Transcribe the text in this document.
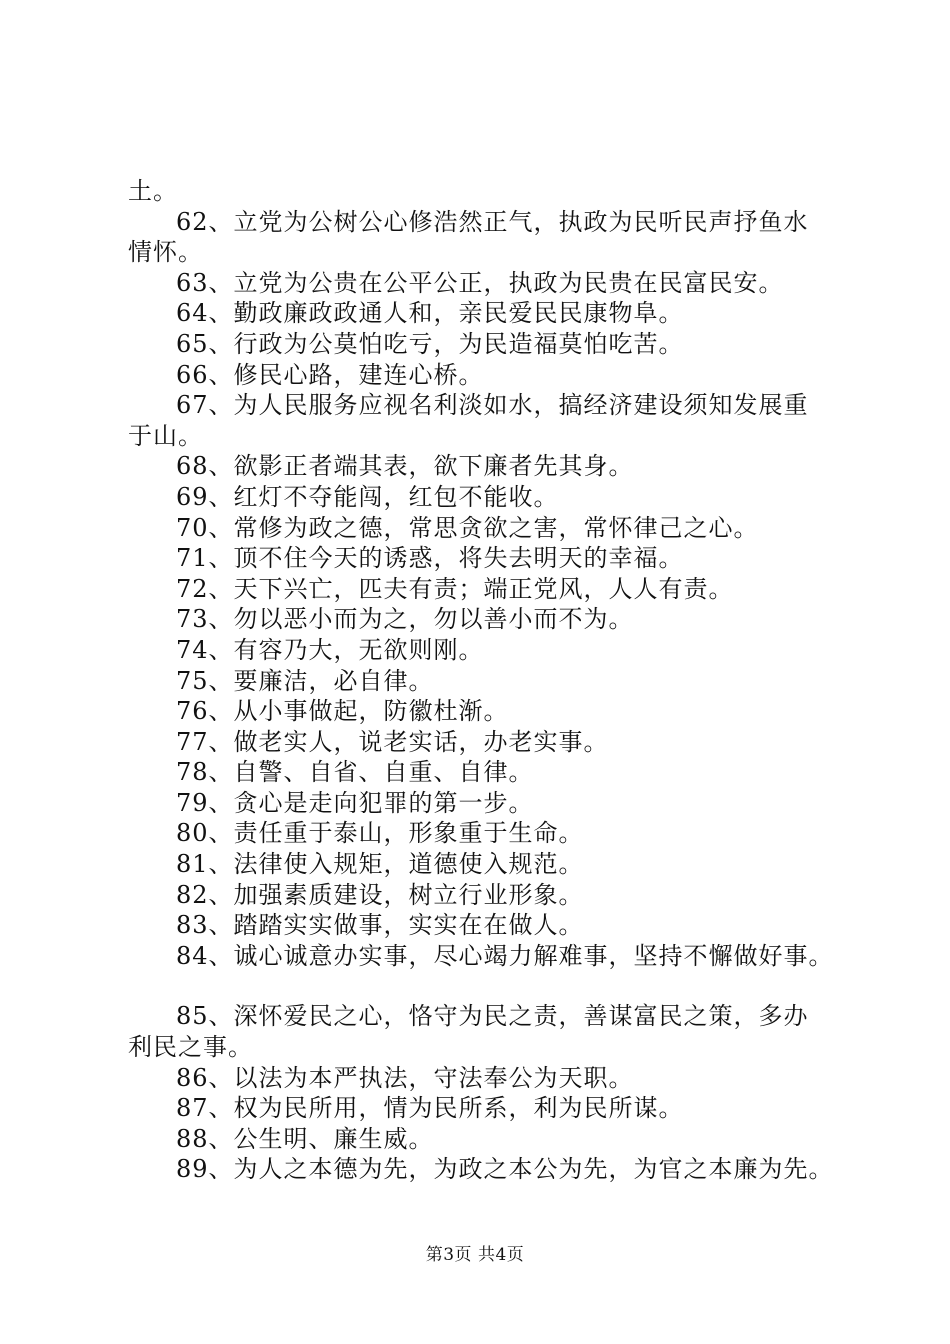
土。
62、立党为公树公心修浩然正气，执政为民听民声抒鱼水
情怀。
63、立党为公贵在公平公正，执政为民贵在民富民安。
64、勤政廉政政通人和，亲民爱民民康物阜。
65、行政为公莫怕吃亏，为民造福莫怕吃苦。
66、修民心路，建连心桥。
67、为人民服务应视名利淡如水，搞经济建设须知发展重
于山。
68、欲影正者端其表，欲下廉者先其身。
69、红灯不夺能闯，红包不能收。
70、常修为政之德，常思贪欲之害，常怀律己之心。
71、顶不住今天的诱惑，将失去明天的幸福。
72、天下兴亡，匹夫有责；端正党风，人人有责。
73、勿以恶小而为之，勿以善小而不为。
74、有容乃大，无欲则刚。
75、要廉洁，必自律。
76、从小事做起，防徽杜渐。
77、做老实人，说老实话，办老实事。
78、自警、自省、自重、自律。
79、贪心是走向犯罪的第一步。
80、责任重于泰山，形象重于生命。
81、法律使入规矩，道德使入规范。
82、加强素质建设，树立行业形象。
83、踏踏实实做事，实实在在做人。
84、诚心诚意办实事，尽心竭力解难事，坚持不懈做好事。
85、深怀爱民之心，恪守为民之责，善谋富民之策，多办
利民之事。
86、以法为本严执法，守法奉公为天职。
87、权为民所用，情为民所系，利为民所谋。
88、公生明、廉生威。
89、为人之本德为先，为政之本公为先，为官之本廉为先。
第3页 共4页
